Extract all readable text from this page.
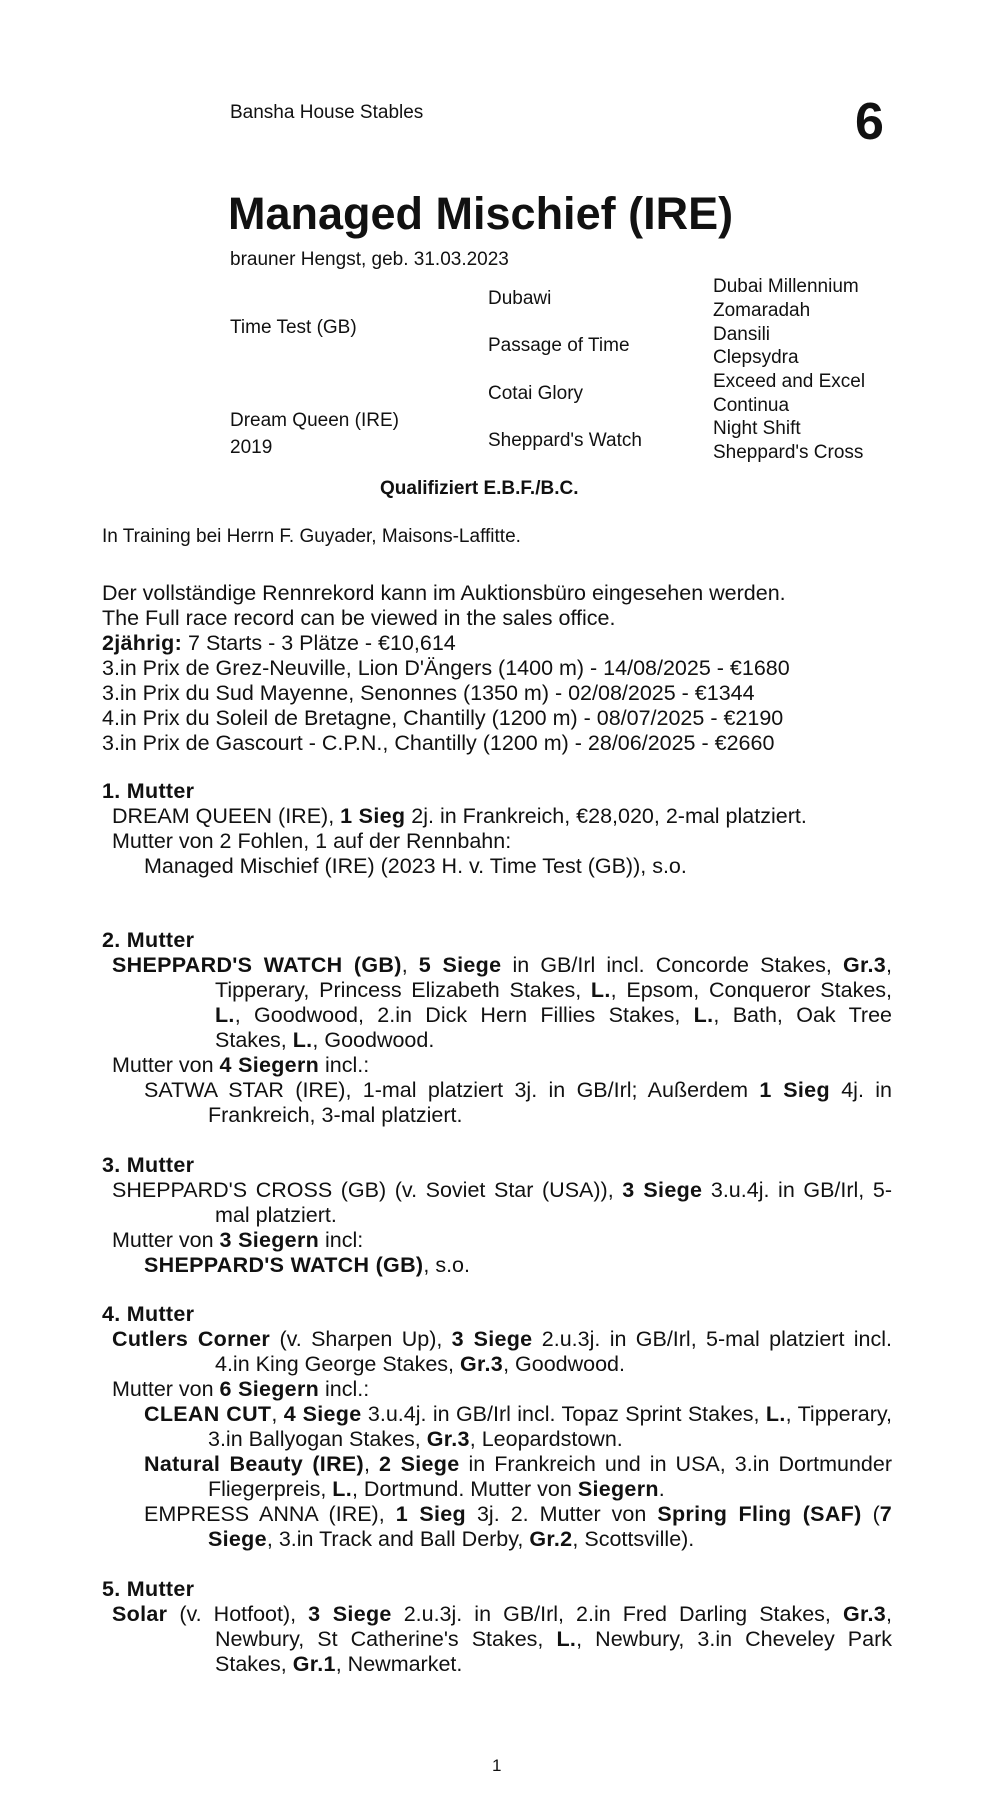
Bansha House Stables	6
Managed Mischief (IRE)
brauner Hengst, geb. 31.03.2023
Time Test (GB)
Dream Queen (IRE)
2019
Dubawi
Passage of Time
Cotai Glory
Sheppard's Watch
Dubai Millennium
Zomaradah
Dansili
Clepsydra
Exceed and Excel
Continua
Night Shift
Sheppard's Cross
Qualifiziert E.B.F./B.C.
In Training bei Herrn F. Guyader, Maisons-Laffitte.

Der vollständige Rennrekord kann im Auktionsbüro eingesehen werden.

The Full race record can be viewed in the sales office.

2jährig: 7 Starts - 3 Plätze - €10,614

3.in Prix de Grez-Neuville, Lion D'Ängers (1400 m) - 14/08/2025 - €1680

3.in Prix du Sud Mayenne, Senonnes (1350 m) - 02/08/2025 - €1344

4.in Prix du Soleil de Bretagne, Chantilly (1200 m) - 08/07/2025 - €2190

3.in Prix de Gascourt - C.P.N., Chantilly (1200 m) - 28/06/2025 - €2660

1. Mutter

DREAM QUEEN (IRE), 1 Sieg 2j. in Frankreich, €28,020, 2-mal platziert.

Mutter von 2 Fohlen, 1 auf der Rennbahn:

Managed Mischief (IRE) (2023 H. v. Time Test (GB)), s.o.

2. Mutter

SHEPPARD'S WATCH (GB), 5 Siege in GB/Irl incl. Concorde Stakes, Gr.3, Tipperary, Princess Elizabeth Stakes, L., Epsom, Conqueror Stakes, L., Goodwood, 2.in Dick Hern Fillies Stakes, L., Bath, Oak Tree Stakes, L., Goodwood.

Mutter von 4 Siegern incl.:

SATWA STAR (IRE), 1-mal platziert 3j. in GB/Irl; Außerdem 1 Sieg 4j. in Frankreich, 3-mal platziert.

3. Mutter

SHEPPARD'S CROSS (GB) (v. Soviet Star (USA)), 3 Siege 3.u.4j. in GB/Irl, 5-mal platziert.

Mutter von 3 Siegern incl:

SHEPPARD'S WATCH (GB), s.o.

4. Mutter

Cutlers Corner (v. Sharpen Up), 3 Siege 2.u.3j. in GB/Irl, 5-mal platziert incl. 4.in King George Stakes, Gr.3, Goodwood.

Mutter von 6 Siegern incl.:

CLEAN CUT, 4 Siege 3.u.4j. in GB/Irl incl. Topaz Sprint Stakes, L., Tipperary, 3.in Ballyogan Stakes, Gr.3, Leopardstown.

Natural Beauty (IRE), 2 Siege in Frankreich und in USA, 3.in Dortmunder Fliegerpreis, L., Dortmund. Mutter von Siegern.

EMPRESS ANNA (IRE), 1 Sieg 3j. 2. Mutter von Spring Fling (SAF) (7 Siege, 3.in Track and Ball Derby, Gr.2, Scottsville).

5. Mutter

Solar (v. Hotfoot), 3 Siege 2.u.3j. in GB/Irl, 2.in Fred Darling Stakes, Gr.3, Newbury, St Catherine's Stakes, L., Newbury, 3.in Cheveley Park Stakes, Gr.1, Newmarket.

1
